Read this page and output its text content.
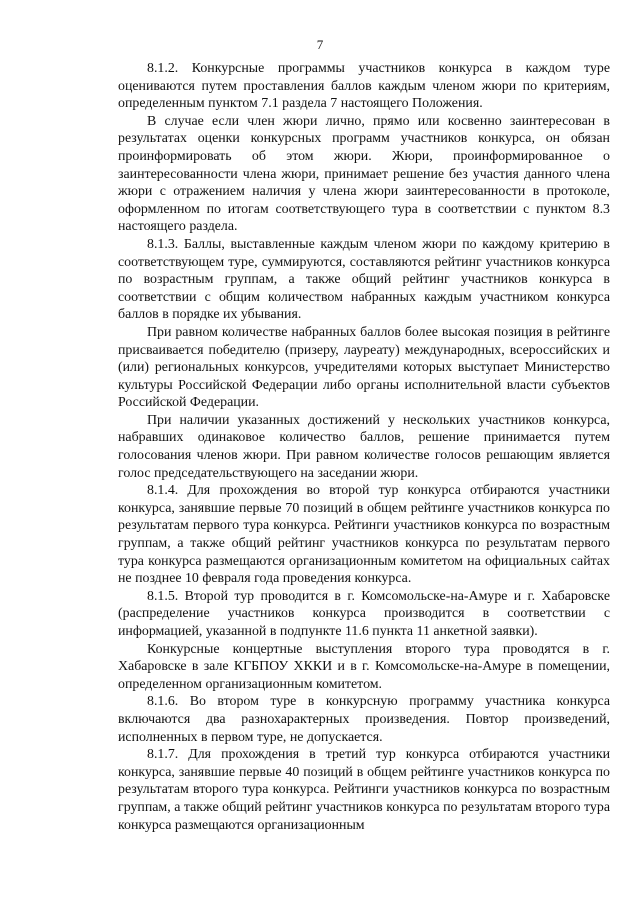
7

8.1.2. Конкурсные программы участников конкурса в каждом туре оцениваются путем проставления баллов каждым членом жюри по критериям, определенным пунктом 7.1 раздела 7 настоящего Положения.

В случае если член жюри лично, прямо или косвенно заинтересован в результатах оценки конкурсных программ участников конкурса, он обязан проинформировать об этом жюри. Жюри, проинформированное о заинтересованности члена жюри, принимает решение без участия данного члена жюри с отражением наличия у члена жюри заинтересованности в протоколе, оформленном по итогам соответствующего тура в соответствии с пунктом 8.3 настоящего раздела.

8.1.3. Баллы, выставленные каждым членом жюри по каждому критерию в соответствующем туре, суммируются, составляются рейтинг участников конкурса по возрастным группам, а также общий рейтинг участников конкурса в соответствии с общим количеством набранных каждым участником конкурса баллов в порядке их убывания.

При равном количестве набранных баллов более высокая позиция в рейтинге присваивается победителю (призеру, лауреату) международных, всероссийских и (или) региональных конкурсов, учредителями которых выступает Министерство культуры Российской Федерации либо органы исполнительной власти субъектов Российской Федерации.

При наличии указанных достижений у нескольких участников конкурса, набравших одинаковое количество баллов, решение принимается путем голосования членов жюри. При равном количестве голосов решающим является голос председательствующего на заседании жюри.

8.1.4. Для прохождения во второй тур конкурса отбираются участники конкурса, занявшие первые 70 позиций в общем рейтинге участников конкурса по результатам первого тура конкурса. Рейтинги участников конкурса по возрастным группам, а также общий рейтинг участников конкурса по результатам первого тура конкурса размещаются организационным комитетом на официальных сайтах не позднее 10 февраля года проведения конкурса.

8.1.5. Второй тур проводится в г. Комсомольске-на-Амуре и г. Хабаровске (распределение участников конкурса производится в соответствии с информацией, указанной в подпункте 11.6 пункта 11 анкетной заявки).

Конкурсные концертные выступления второго тура проводятся в г. Хабаровске в зале КГБПОУ ХККИ и в г. Комсомольске-на-Амуре в помещении, определенном организационным комитетом.

8.1.6. Во втором туре в конкурсную программу участника конкурса включаются два разнохарактерных произведения. Повтор произведений, исполненных в первом туре, не допускается.

8.1.7. Для прохождения в третий тур конкурса отбираются участники конкурса, занявшие первые 40 позиций в общем рейтинге участников конкурса по результатам второго тура конкурса. Рейтинги участников конкурса по возрастным группам, а также общий рейтинг участников конкурса по результатам второго тура конкурса размещаются организационным
